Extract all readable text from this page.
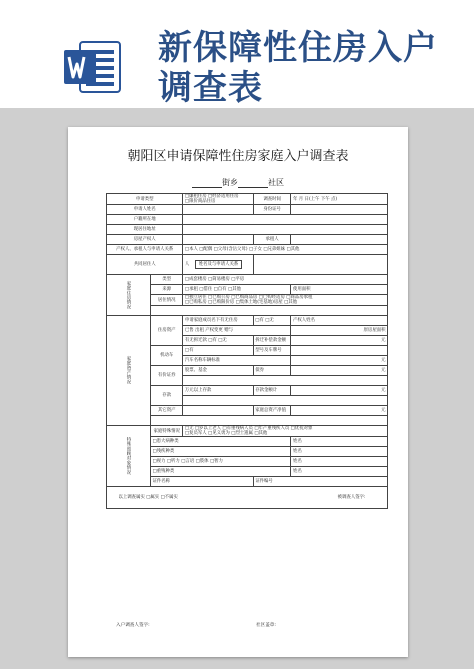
新保障性住房入户
调查表
朝阳区申请保障性住房家庭入户调查表
街乡	社区
申请类型	□廉租住房 □ 经济适用住房
□ 限价商品住房	调查时间	年 月 日(上午 下午 点)
申请人姓名			身份证号	
户籍所在地				
现居住地址				
房屋产权人			承租人	
产权人、承租人与申请人关系	□本人 □ 配偶 □ 父母(含岳父母) □ 子女 □ 兄弟姐妹 □ 其他
共同居住人		人 姓名及与申请人关系		
家庭住房情况	类型	□成套楼房 □ 简易楼房 □ 平房
	来源	□承租 □ 借住 □ 自有 □ 其他		使用面积
	居住情况	□独立居住 □ 已购公房 □ 已购商品房 □ 已购经适房 □ 商品房承租
□ 已购私房 □ 已购限价房 □ 集体土地(宅基地)房屋 □ 其他

家庭资产情况	住房资产	申请家庭成员名下有无住房	□有 □ 无	产权人姓名
		已售 出租 产权变更 赠与		原房屋面积
		有无拆迁款 □ 有 □ 无	拆迁补偿款金额	元
	机动车	□ 有	型号及车牌号	
		汽车名称车辆标准		元
	有价证券	股票、基金	债券	元

	存款	万元以上存款	存款金额计	元

	其它资产		家庭总资产净值	元

特殊照顾对象情况	家庭特殊情况	□无 □ 岁以上老人 □ 有重残病人员 □ 年产重残疾人员 □ 优抚对象
□ 复员军人 □ 见义勇为 □ 烈士遗属 □ 其他
□ 患大病种类			姓名
□ 残疾种类			姓名
□ 视力 □ 听力 □ 言语 □ 肢体 □ 智力			姓名
□ 重残种类			姓名
	证件名称		证件编号	
以上调查属实 □属实 □不属实 被调查人签字:				
入户调查人签字:	社区盖章:
